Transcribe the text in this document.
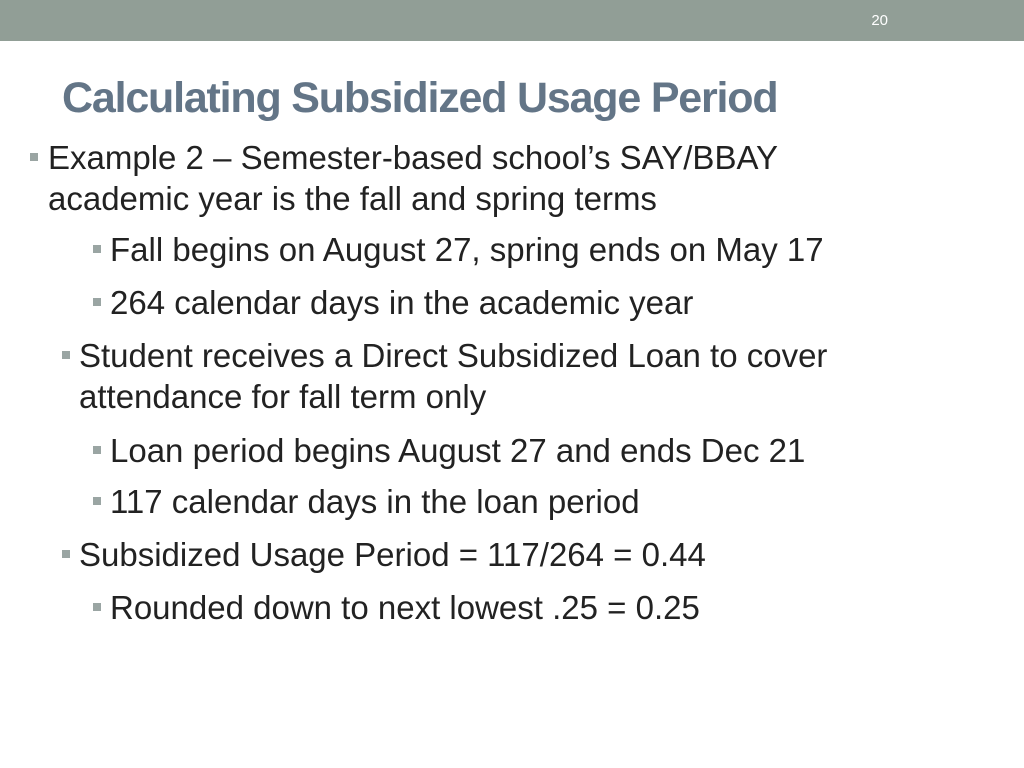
20
Calculating Subsidized Usage Period
Example 2 – Semester-based school’s SAY/BBAY
academic year is the fall and spring terms
Fall begins on August 27, spring ends on May 17
264 calendar days in the academic year
Student receives a Direct Subsidized Loan to cover
attendance for fall term only
Loan period begins August 27 and ends Dec 21
117 calendar days in the loan period
Subsidized Usage Period = 117/264 = 0.44
Rounded down to next lowest .25 = 0.25
